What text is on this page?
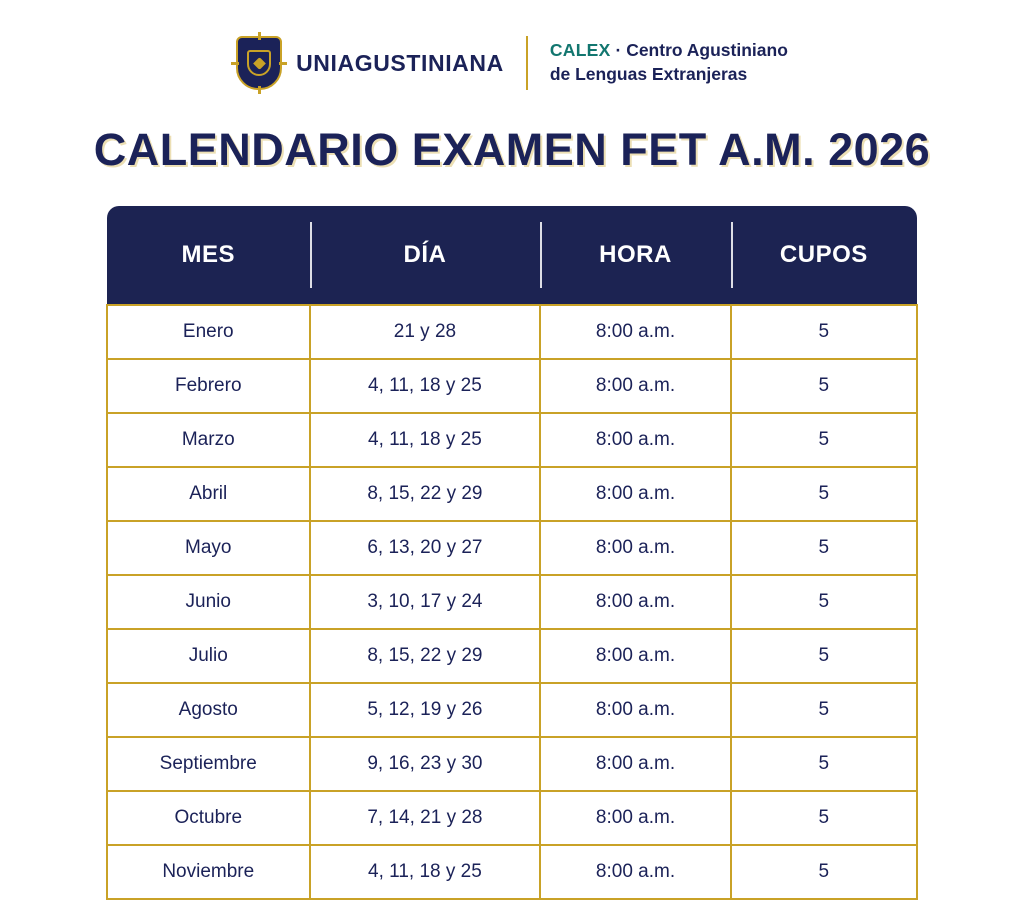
UNIAGUSTINIANA	CALEX · Centro Agustiniano
de Lenguas Extranjeras
CALENDARIO EXAMEN FET A.M. 2026
MES	DÍA	HORA	CUPOS
Enero	21 y 28	8:00 a.m.	5
Febrero	4, 11, 18 y 25	8:00 a.m.	5
Marzo	4, 11, 18 y 25	8:00 a.m.	5
Abril	8, 15, 22 y 29	8:00 a.m.	5
Mayo	6, 13, 20 y 27	8:00 a.m.	5
Junio	3, 10, 17 y 24	8:00 a.m.	5
Julio	8, 15, 22 y 29	8:00 a.m.	5
Agosto	5, 12, 19 y 26	8:00 a.m.	5
Septiembre	9, 16, 23 y 30	8:00 a.m.	5
Octubre	7, 14, 21 y 28	8:00 a.m.	5
Noviembre	4, 11, 18 y 25	8:00 a.m.	5
